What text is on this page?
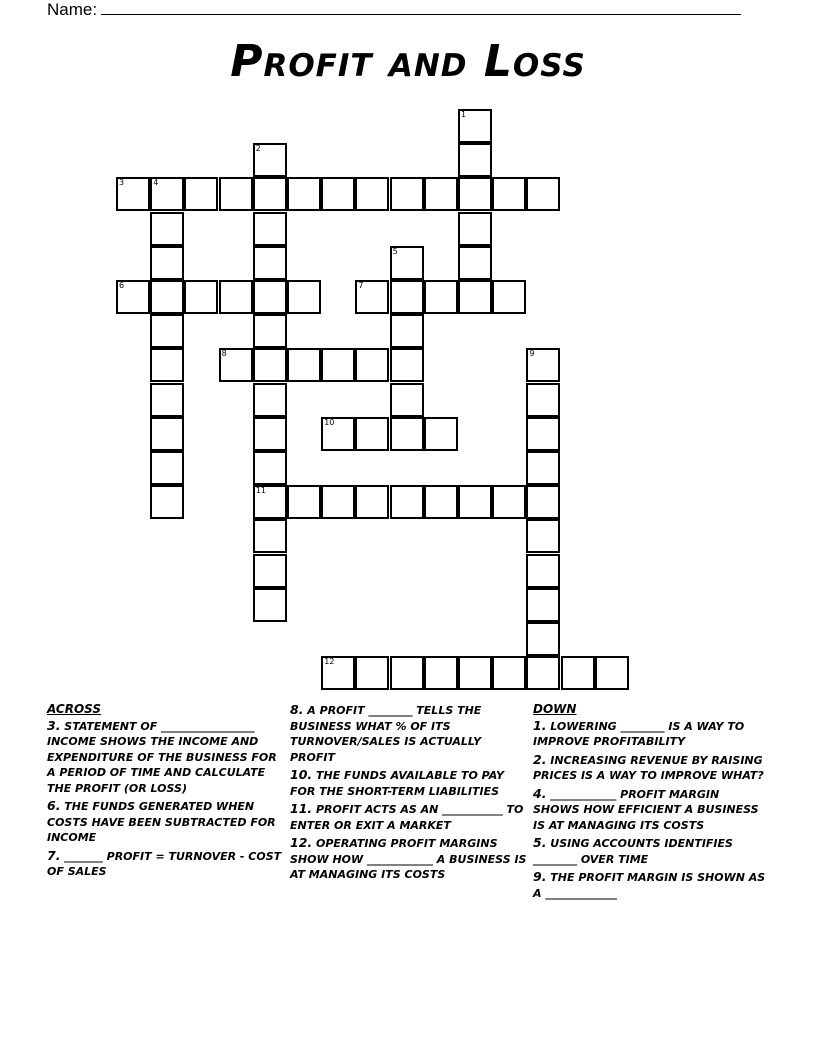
Name:
Profit and Loss
1
2
11
3	4
5
6	7
8	9
10
12
ACROSS
3. STATEMENT OF _________________ INCOME SHOWS THE INCOME AND EXPENDITURE OF THE BUSINESS FOR A PERIOD OF TIME AND CALCULATE THE PROFIT (OR LOSS)
6. THE FUNDS GENERATED WHEN COSTS HAVE BEEN SUBTRACTED FOR INCOME
7. _______ PROFIT = TURNOVER - COST OF SALES
8. A PROFIT ________ TELLS THE BUSINESS WHAT % OF ITS TURNOVER/SALES IS ACTUALLY PROFIT
10. THE FUNDS AVAILABLE TO PAY FOR THE SHORT-TERM LIABILITIES
11. PROFIT ACTS AS AN ___________ TO ENTER OR EXIT A MARKET
12. OPERATING PROFIT MARGINS SHOW HOW ____________ A BUSINESS IS AT MANAGING ITS COSTS
DOWN
1. LOWERING ________ IS A WAY TO IMPROVE PROFITABILITY
2. INCREASING REVENUE BY RAISING PRICES IS A WAY TO IMPROVE WHAT?
4. ____________ PROFIT MARGIN SHOWS HOW EFFICIENT A BUSINESS IS AT MANAGING ITS COSTS
5. USING ACCOUNTS IDENTIFIES ________ OVER TIME
9. THE PROFIT MARGIN IS SHOWN AS A _____________
